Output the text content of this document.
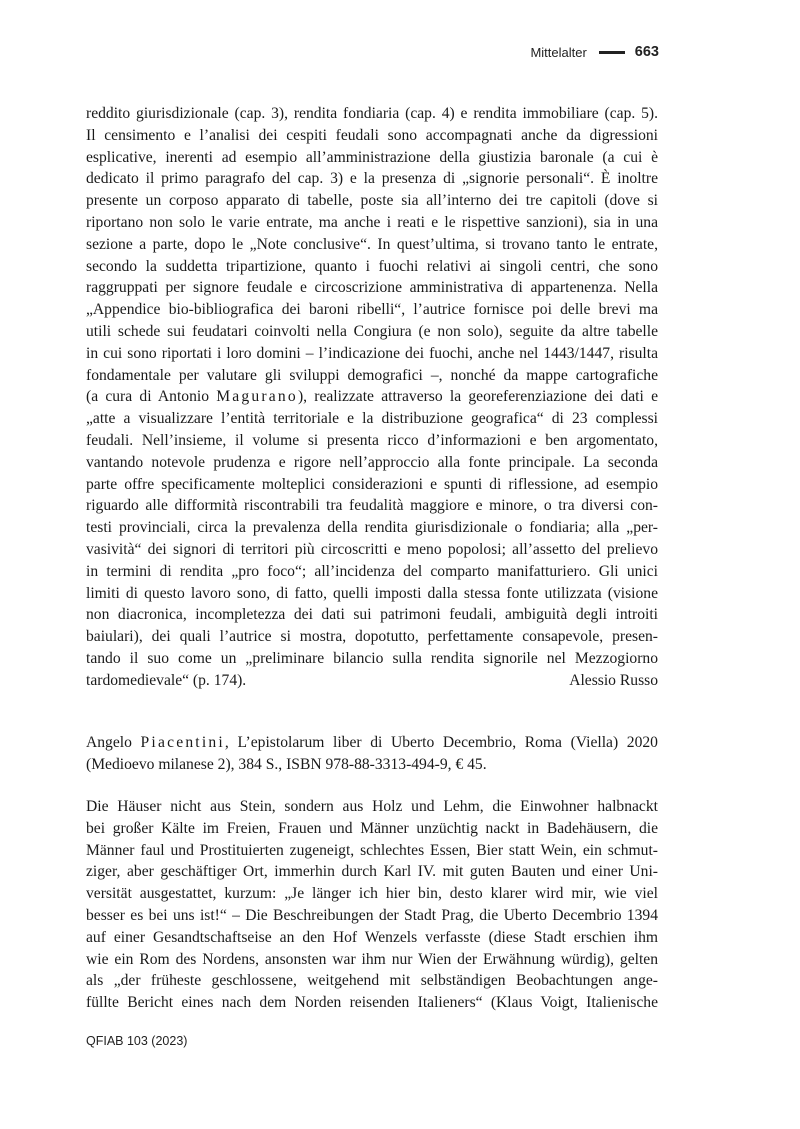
Mittelalter	663
reddito giurisdizionale (cap. 3), rendita fondiaria (cap. 4) e rendita immobiliare (cap. 5).
Il censimento e l’analisi dei cespiti feudali sono accompagnati anche da digressioni
esplicative, inerenti ad esempio all’amministrazione della giustizia baronale (a cui è
dedicato il primo paragrafo del cap. 3) e la presenza di „signorie personali“. È inoltre
presente un corposo apparato di tabelle, poste sia all’interno dei tre capitoli (dove si
riportano non solo le varie entrate, ma anche i reati e le rispettive sanzioni), sia in una
sezione a parte, dopo le „Note conclusive“. In quest’ultima, si trovano tanto le entrate,
secondo la suddetta tripartizione, quanto i fuochi relativi ai singoli centri, che sono
raggruppati per signore feudale e circoscrizione amministrativa di appartenenza. Nella
„Appendice bio-bibliografica dei baroni ribelli“, l’autrice fornisce poi delle brevi ma
utili schede sui feudatari coinvolti nella Congiura (e non solo), seguite da altre tabelle
in cui sono riportati i loro domini – l’indicazione dei fuochi, anche nel 1443/1447, risulta
fondamentale per valutare gli sviluppi demografici –, nonché da mappe cartografiche
(a cura di Antonio Magurano), realizzate attraverso la georeferenziazione dei dati e
„atte a visualizzare l’entità territoriale e la distribuzione geografica“ di 23 complessi
feudali. Nell’insieme, il volume si presenta ricco d’informazioni e ben argomentato,
vantando notevole prudenza e rigore nell’approccio alla fonte principale. La seconda
parte offre specificamente molteplici considerazioni e spunti di riflessione, ad esempio
riguardo alle difformità riscontrabili tra feudalità maggiore e minore, o tra diversi con-
testi provinciali, circa la prevalenza della rendita giurisdizionale o fondiaria; alla „per-
vasività“ dei signori di territori più circoscritti e meno popolosi; all’assetto del prelievo
in termini di rendita „pro foco“; all’incidenza del comparto manifatturiero. Gli unici
limiti di questo lavoro sono, di fatto, quelli imposti dalla stessa fonte utilizzata (visione
non diacronica, incompletezza dei dati sui patrimoni feudali, ambiguità degli introiti
baiulari), dei quali l’autrice si mostra, dopotutto, perfettamente consapevole, presen-
tando il suo come un „preliminare bilancio sulla rendita signorile nel Mezzogiorno
tardomedievale“ (p. 174).	Alessio Russo
Angelo Piacentini, L’epistolarum liber di Uberto Decembrio, Roma (Viella) 2020
(Medioevo milanese 2), 384 S., ISBN 978-88-3313-494-9, € 45.
Die Häuser nicht aus Stein, sondern aus Holz und Lehm, die Einwohner halbnackt
bei großer Kälte im Freien, Frauen und Männer unzüchtig nackt in Badehäusern, die
Männer faul und Prostituierten zugeneigt, schlechtes Essen, Bier statt Wein, ein schmut-
ziger, aber geschäftiger Ort, immerhin durch Karl IV. mit guten Bauten und einer Uni-
versität ausgestattet, kurzum: „Je länger ich hier bin, desto klarer wird mir, wie viel
besser es bei uns ist!“ – Die Beschreibungen der Stadt Prag, die Uberto Decembrio 1394
auf einer Gesandtschaftseise an den Hof Wenzels verfasste (diese Stadt erschien ihm
wie ein Rom des Nordens, ansonsten war ihm nur Wien der Erwähnung würdig), gelten
als „der früheste geschlossene, weitgehend mit selbständigen Beobachtungen ange-
füllte Bericht eines nach dem Norden reisenden Italieners“ (Klaus Voigt, Italienische
QFIAB 103 (2023)
